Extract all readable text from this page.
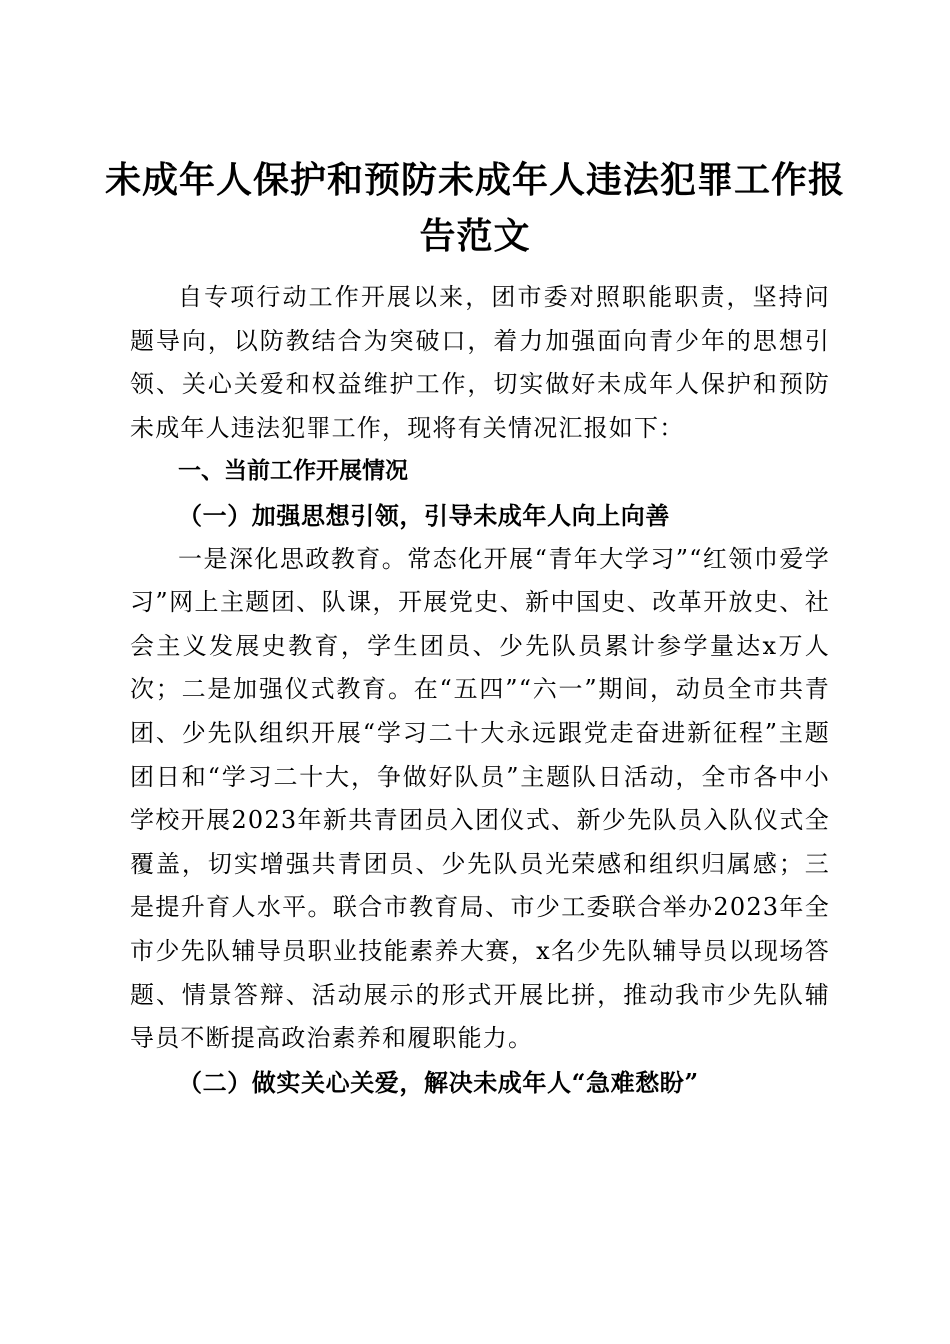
未成年人保护和预防未成年人违法犯罪工作报告范文

自专项行动工作开展以来，团市委对照职能职责，坚持问题导向，以防教结合为突破口，着力加强面向青少年的思想引领、关心关爱和权益维护工作，切实做好未成年人保护和预防未成年人违法犯罪工作，现将有关情况汇报如下：

一、当前工作开展情况

（一）加强思想引领，引导未成年人向上向善

一是深化思政教育。常态化开展“青年大学习”“红领巾爱学习”网上主题团、队课，开展党史、新中国史、改革开放史、社会主义发展史教育，学生团员、少先队员累计参学量达x万人次；二是加强仪式教育。在“五四”“六一”期间，动员全市共青团、少先队组织开展“学习二十大永远跟党走奋进新征程”主题团日和“学习二十大，争做好队员”主题队日活动，全市各中小学校开展2023年新共青团员入团仪式、新少先队员入队仪式全覆盖，切实增强共青团员、少先队员光荣感和组织归属感；三是提升育人水平。联合市教育局、市少工委联合举办2023年全市少先队辅导员职业技能素养大赛，x名少先队辅导员以现场答题、情景答辩、活动展示的形式开展比拼，推动我市少先队辅导员不断提高政治素养和履职能力。

（二）做实关心关爱，解决未成年人“急难愁盼”
